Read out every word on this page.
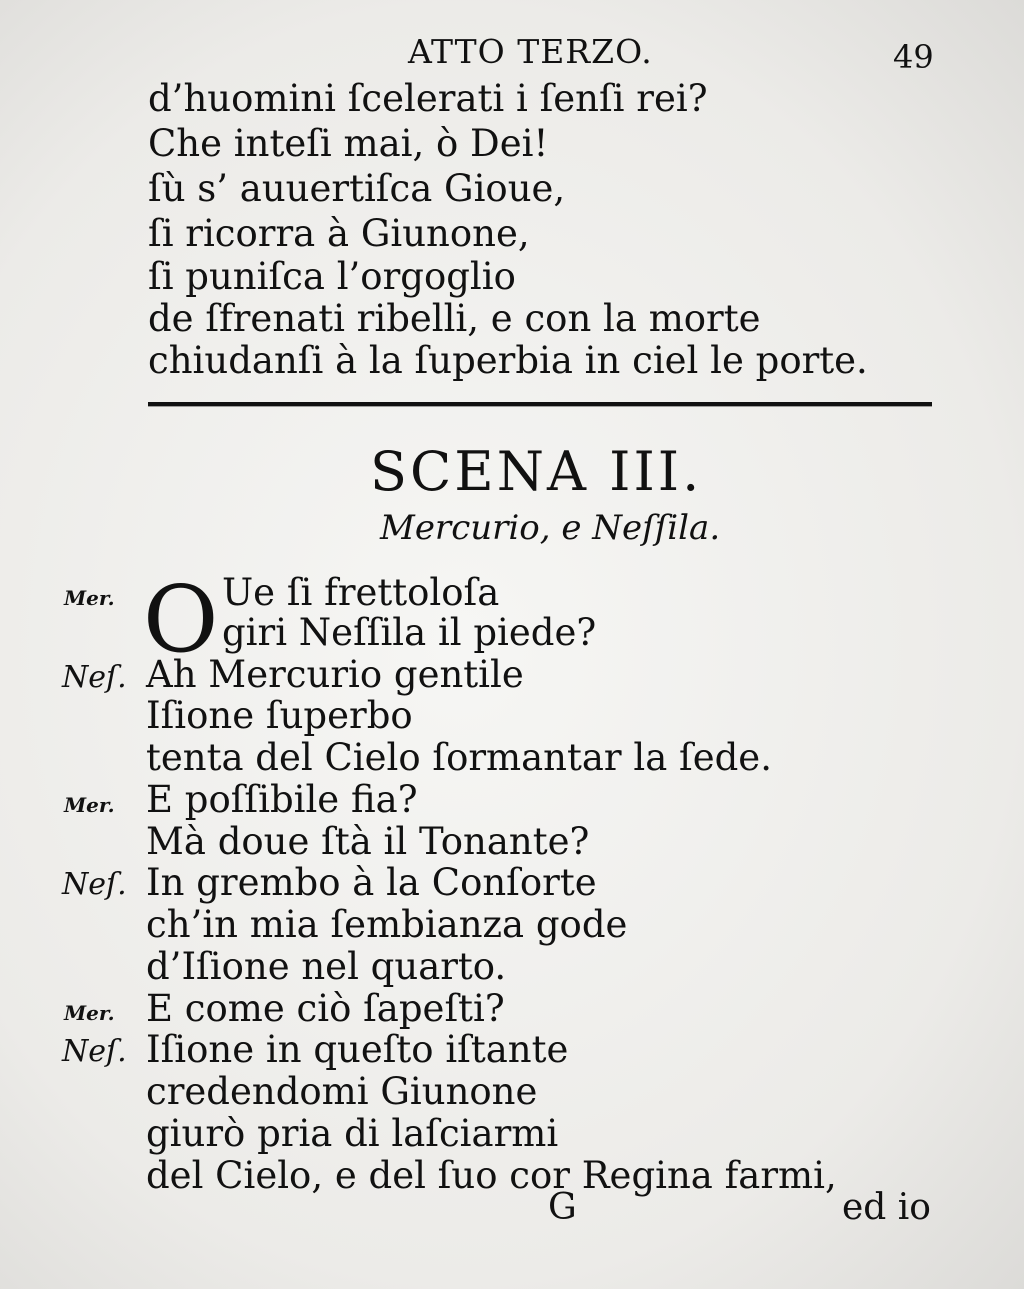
ATTO TERZO.	49
d’huomini ſcelerati i ſenſi rei?
Che inteſi mai, ò Dei!
ſù s’ auuertiſca Gioue,
ſi ricorra à Giunone,
ſi puniſca l’orgoglio
de ſfrenati ribelli, e con la morte
chiudanſi à la ſuperbia in ciel le porte.
SCENA III.
Mercurio, e Neſſila.
Mer.
Neſ.
Mer.
Neſ.
Mer.
Neſ.
O Ue ſi frettoloſa
giri Neſſila il piede?
Ah Mercurio gentile
Iſione ſuperbo
tenta del Cielo ſormantar la ſede.
E poſſibile fia?
Mà doue ſtà il Tonante?
In grembo à la Conſorte
ch’in mia ſembianza gode
d’Iſione nel quarto.
E come ciò ſapeſti?
Iſione in queſto iſtante
credendomi Giunone
giurò pria di laſciarmi
del Cielo, e del ſuo cor Regina farmi,
G	ed io
